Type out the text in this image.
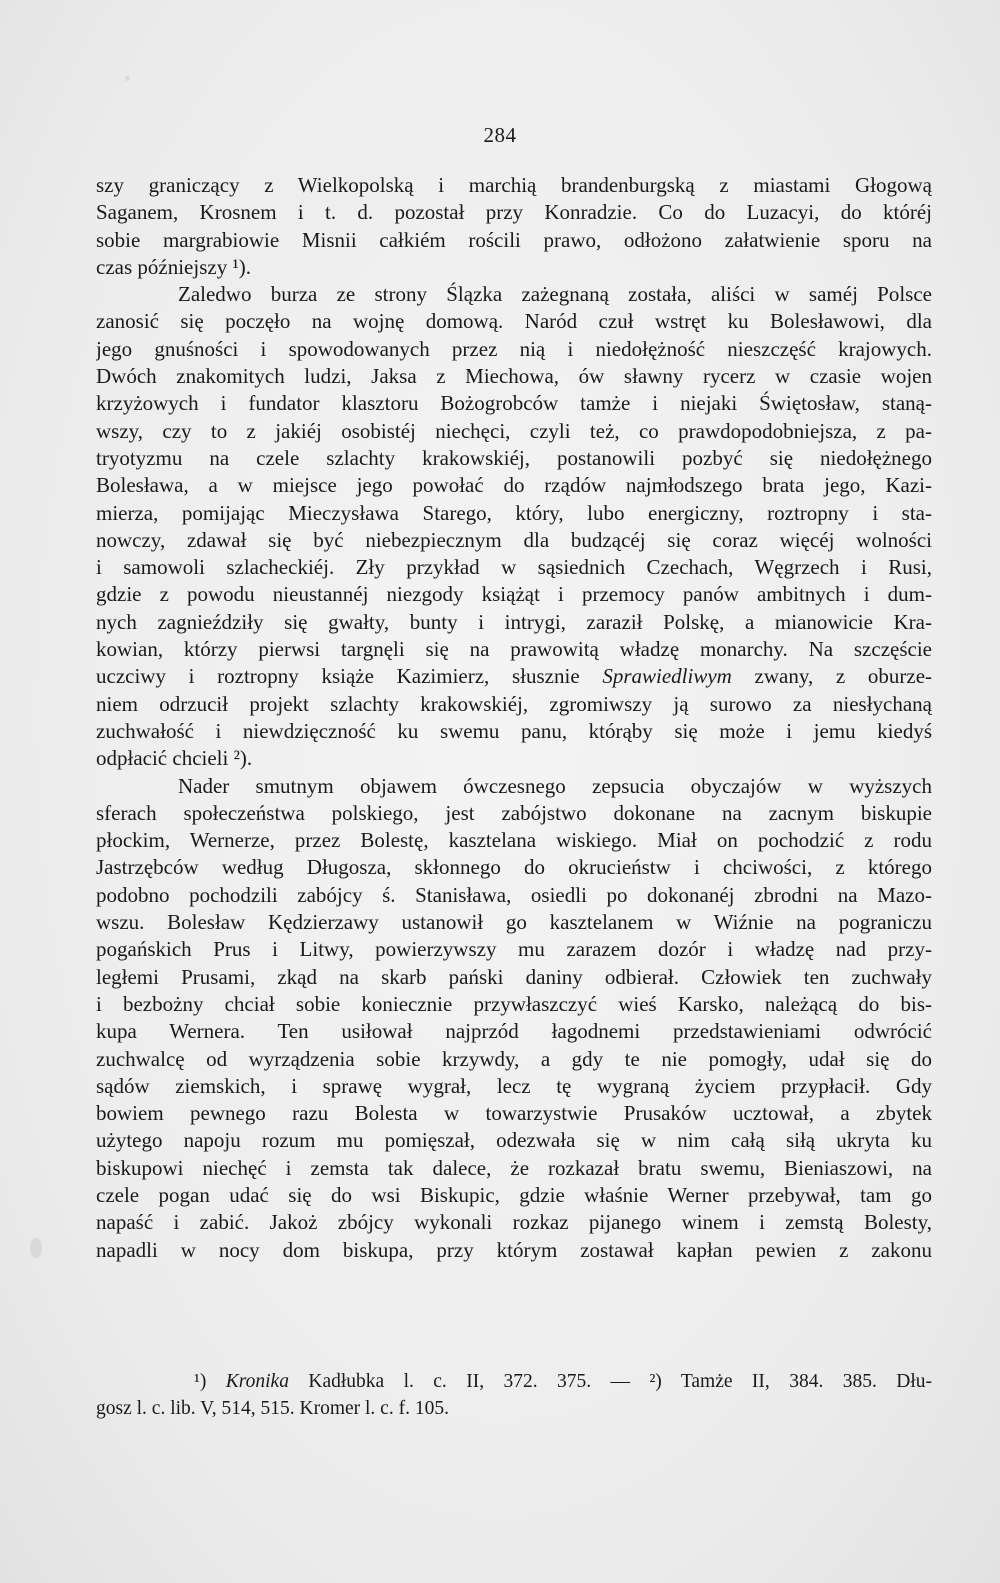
284
szy graniczący z Wielkopolską i marchią brandenburgską z miastami Głogową
Saganem, Krosnem i t. d. pozostał przy Konradzie. Co do Luzacyi, do któréj
sobie margrabiowie Misnii całkiém rościli prawo, odłożono załatwienie sporu na
czas późniejszy ¹).
Zaledwo burza ze strony Ślązka zażegnaną została, aliści w saméj Polsce
zanosić się poczęło na wojnę domową. Naród czuł wstręt ku Bolesławowi, dla
jego gnuśności i spowodowanych przez nią i niedołężność nieszczęść krajowych.
Dwóch znakomitych ludzi, Jaksa z Miechowa, ów sławny rycerz w czasie wojen
krzyżowych i fundator klasztoru Bożogrobców tamże i niejaki Świętosław, staną-
wszy, czy to z jakiéj osobistéj niechęci, czyli też, co prawdopodobniejsza, z pa-
tryotyzmu na czele szlachty krakowskiéj, postanowili pozbyć się niedołężnego
Bolesława, a w miejsce jego powołać do rządów najmłodszego brata jego, Kazi-
mierza, pomijając Mieczysława Starego, który, lubo energiczny, roztropny i sta-
nowczy, zdawał się być niebezpiecznym dla budzącéj się coraz więcéj wolności
i samowoli szlacheckiéj. Zły przykład w sąsiednich Czechach, Węgrzech i Rusi,
gdzie z powodu nieustannéj niezgody książąt i przemocy panów ambitnych i dum-
nych zagnieździły się gwałty, bunty i intrygi, zaraził Polskę, a mianowicie Kra-
kowian, którzy pierwsi targnęli się na prawowitą władzę monarchy. Na szczęście
uczciwy i roztropny książe Kazimierz, słusznie Sprawiedliwym zwany, z oburze-
niem odrzucił projekt szlachty krakowskiéj, zgromiwszy ją surowo za niesłychaną
zuchwałość i niewdzięczność ku swemu panu, którąby się może i jemu kiedyś
odpłacić chcieli ²).
Nader smutnym objawem ówczesnego zepsucia obyczajów w wyższych
sferach społeczeństwa polskiego, jest zabójstwo dokonane na zacnym biskupie
płockim, Wernerze, przez Bolestę, kasztelana wiskiego. Miał on pochodzić z rodu
Jastrzębców według Długosza, skłonnego do okrucieństw i chciwości, z którego
podobno pochodzili zabójcy ś. Stanisława, osiedli po dokonanéj zbrodni na Mazo-
wszu. Bolesław Kędzierzawy ustanowił go kasztelanem w Wiźnie na pograniczu
pogańskich Prus i Litwy, powierzywszy mu zarazem dozór i władzę nad przy-
ległemi Prusami, zkąd na skarb pański daniny odbierał. Człowiek ten zuchwały
i bezbożny chciał sobie koniecznie przywłaszczyć wieś Karsko, należącą do bis-
kupa Wernera. Ten usiłował najprzód łagodnemi przedstawieniami odwrócić
zuchwalcę od wyrządzenia sobie krzywdy, a gdy te nie pomogły, udał się do
sądów ziemskich, i sprawę wygrał, lecz tę wygraną życiem przypłacił. Gdy
bowiem pewnego razu Bolesta w towarzystwie Prusaków ucztował, a zbytek
użytego napoju rozum mu pomięszał, odezwała się w nim całą siłą ukryta ku
biskupowi niechęć i zemsta tak dalece, że rozkazał bratu swemu, Bieniaszowi, na
czele pogan udać się do wsi Biskupic, gdzie właśnie Werner przebywał, tam go
napaść i zabić. Jakoż zbójcy wykonali rozkaz pijanego winem i zemstą Bolesty,
napadli w nocy dom biskupa, przy którym zostawał kapłan pewien z zakonu
¹) Kronika Kadłubka l. c. II, 372. 375. — ²) Tamże II, 384. 385. Dłu-
gosz l. c. lib. V, 514, 515. Kromer l. c. f. 105.
